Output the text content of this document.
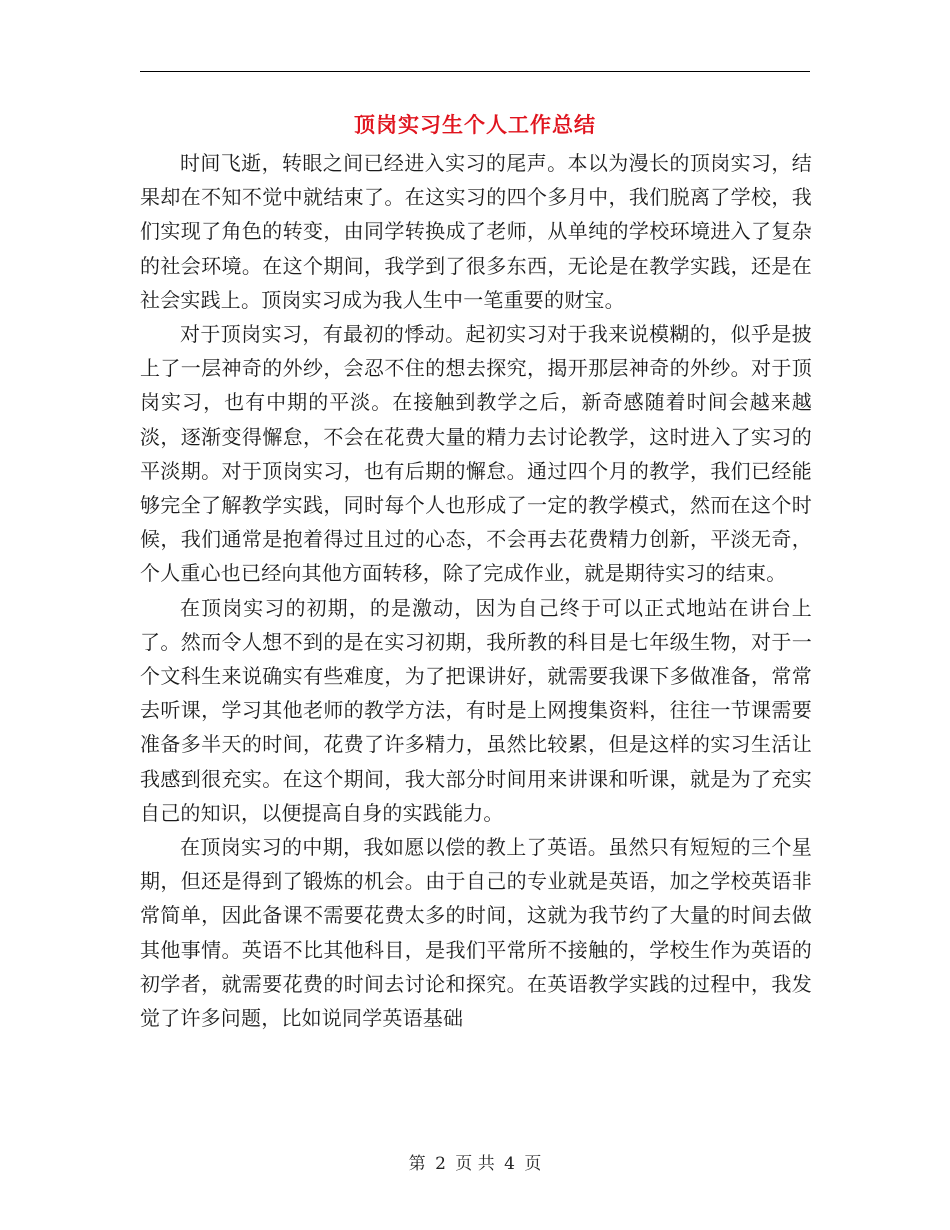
顶岗实习生个人工作总结

时间飞逝，转眼之间已经进入实习的尾声。本以为漫长的顶岗实习，结果却在不知不觉中就结束了。在这实习的四个多月中，我们脱离了学校，我们实现了角色的转变，由同学转换成了老师，从单纯的学校环境进入了复杂的社会环境。在这个期间，我学到了很多东西，无论是在教学实践，还是在社会实践上。顶岗实习成为我人生中一笔重要的财宝。

对于顶岗实习，有最初的悸动。起初实习对于我来说模糊的，似乎是披上了一层神奇的外纱，会忍不住的想去探究，揭开那层神奇的外纱。对于顶岗实习，也有中期的平淡。在接触到教学之后，新奇感随着时间会越来越淡，逐渐变得懈怠，不会在花费大量的精力去讨论教学，这时进入了实习的平淡期。对于顶岗实习，也有后期的懈怠。通过四个月的教学，我们已经能够完全了解教学实践，同时每个人也形成了一定的教学模式，然而在这个时候，我们通常是抱着得过且过的心态，不会再去花费精力创新，平淡无奇，个人重心也已经向其他方面转移，除了完成作业，就是期待实习的结束。

在顶岗实习的初期，的是激动，因为自己终于可以正式地站在讲台上了。然而令人想不到的是在实习初期，我所教的科目是七年级生物，对于一个文科生来说确实有些难度，为了把课讲好，就需要我课下多做准备，常常去听课，学习其他老师的教学方法，有时是上网搜集资料，往往一节课需要准备多半天的时间，花费了许多精力，虽然比较累，但是这样的实习生活让我感到很充实。在这个期间，我大部分时间用来讲课和听课，就是为了充实自己的知识，以便提高自身的实践能力。

在顶岗实习的中期，我如愿以偿的教上了英语。虽然只有短短的三个星期，但还是得到了锻炼的机会。由于自己的专业就是英语，加之学校英语非常简单，因此备课不需要花费太多的时间，这就为我节约了大量的时间去做其他事情。英语不比其他科目，是我们平常所不接触的，学校生作为英语的初学者，就需要花费的时间去讨论和探究。在英语教学实践的过程中，我发觉了许多问题，比如说同学英语基础

第 2 页 共 4 页
